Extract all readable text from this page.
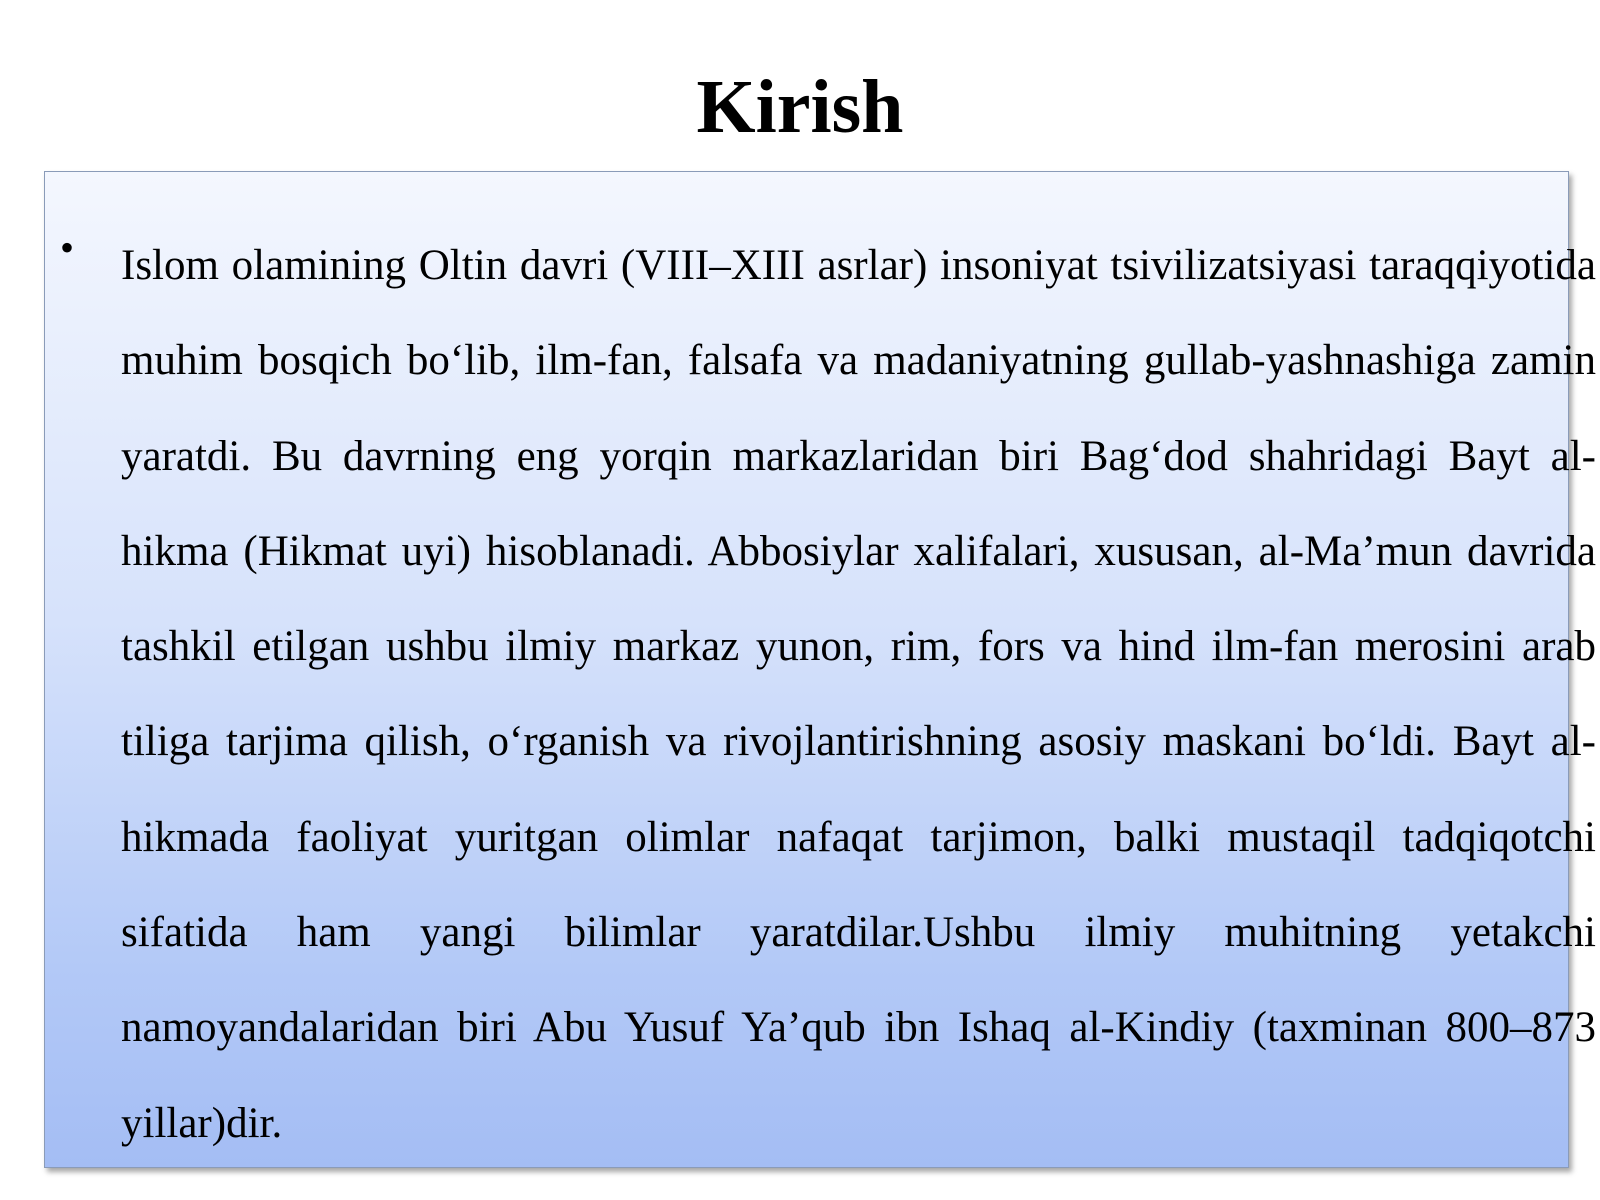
Kirish
• Islom olamining Oltin davri (VIII–XIII asrlar) insoniyat tsivilizatsiyasi taraqqiyotida muhim bosqich bo‘lib, ilm-fan, falsafa va madaniyatning gullab-yashnashiga zamin yaratdi. Bu davrning eng yorqin markazlaridan biri Bag‘dod shahridagi Bayt al-hikma (Hikmat uyi) hisoblanadi. Abbosiylar xalifalari, xususan, al-Ma’mun davrida tashkil etilgan ushbu ilmiy markaz yunon, rim, fors va hind ilm-fan merosini arab tiliga tarjima qilish, o‘rganish va rivojlantirishning asosiy maskani bo‘ldi. Bayt al-hikmada faoliyat yuritgan olimlar nafaqat tarjimon, balki mustaqil tadqiqotchi sifatida ham yangi bilimlar yaratdilar.Ushbu ilmiy muhitning yetakchi namoyandalaridan biri Abu Yusuf Ya’qub ibn Ishaq al-Kindiy (taxminan 800–873 yillar)dir.
